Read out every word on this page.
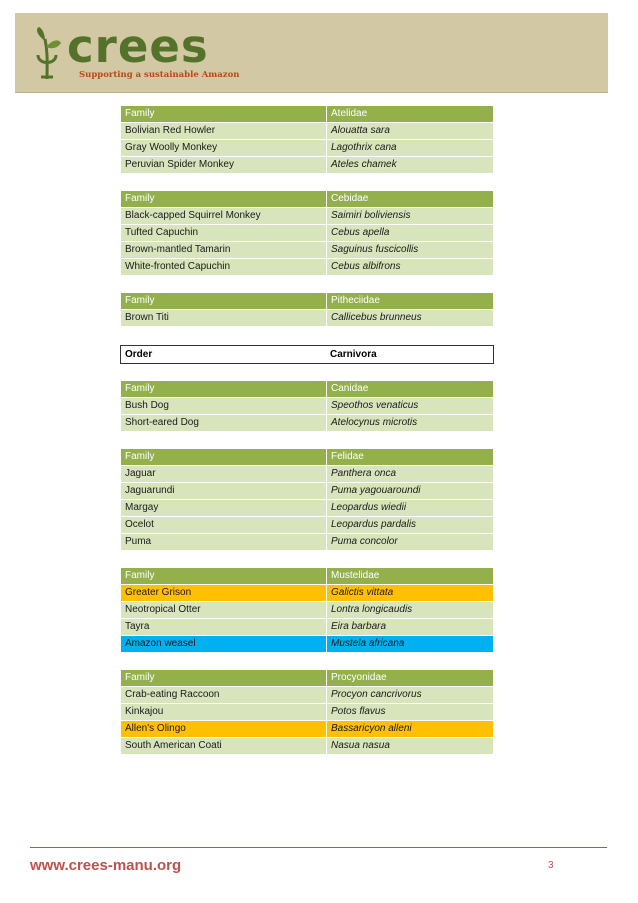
crees
Supporting a sustainable Amazon
Family	Atelidae
Bolivian Red Howler	Alouatta sara
Gray Woolly Monkey	Lagothrix cana
Peruvian Spider Monkey	Ateles chamek
Family	Cebidae
Black-capped Squirrel Monkey	Saimiri boliviensis
Tufted Capuchin	Cebus apella
Brown-mantled Tamarin	Saguinus fuscicollis
White-fronted Capuchin	Cebus albifrons
Family	Pitheciidae
Brown Titi	Callicebus brunneus
Order	Carnivora
Family	Canidae
Bush Dog	Speothos venaticus
Short-eared Dog	Atelocynus microtis
Family	Felidae
Jaguar	Panthera onca
Jaguarundi	Puma yagouaroundi
Margay	Leopardus wiedii
Ocelot	Leopardus pardalis
Puma	Puma concolor
Family	Mustelidae
Greater Grison	Galictis vittata
Neotropical Otter	Lontra longicaudis
Tayra	Eira barbara
Amazon weasel	Mustela africana
Family	Procyonidae
Crab-eating Raccoon	Procyon cancrivorus
Kinkajou	Potos flavus
Allen's Olingo	Bassaricyon alleni
South American Coati	Nasua nasua
www.crees-manu.org	3
